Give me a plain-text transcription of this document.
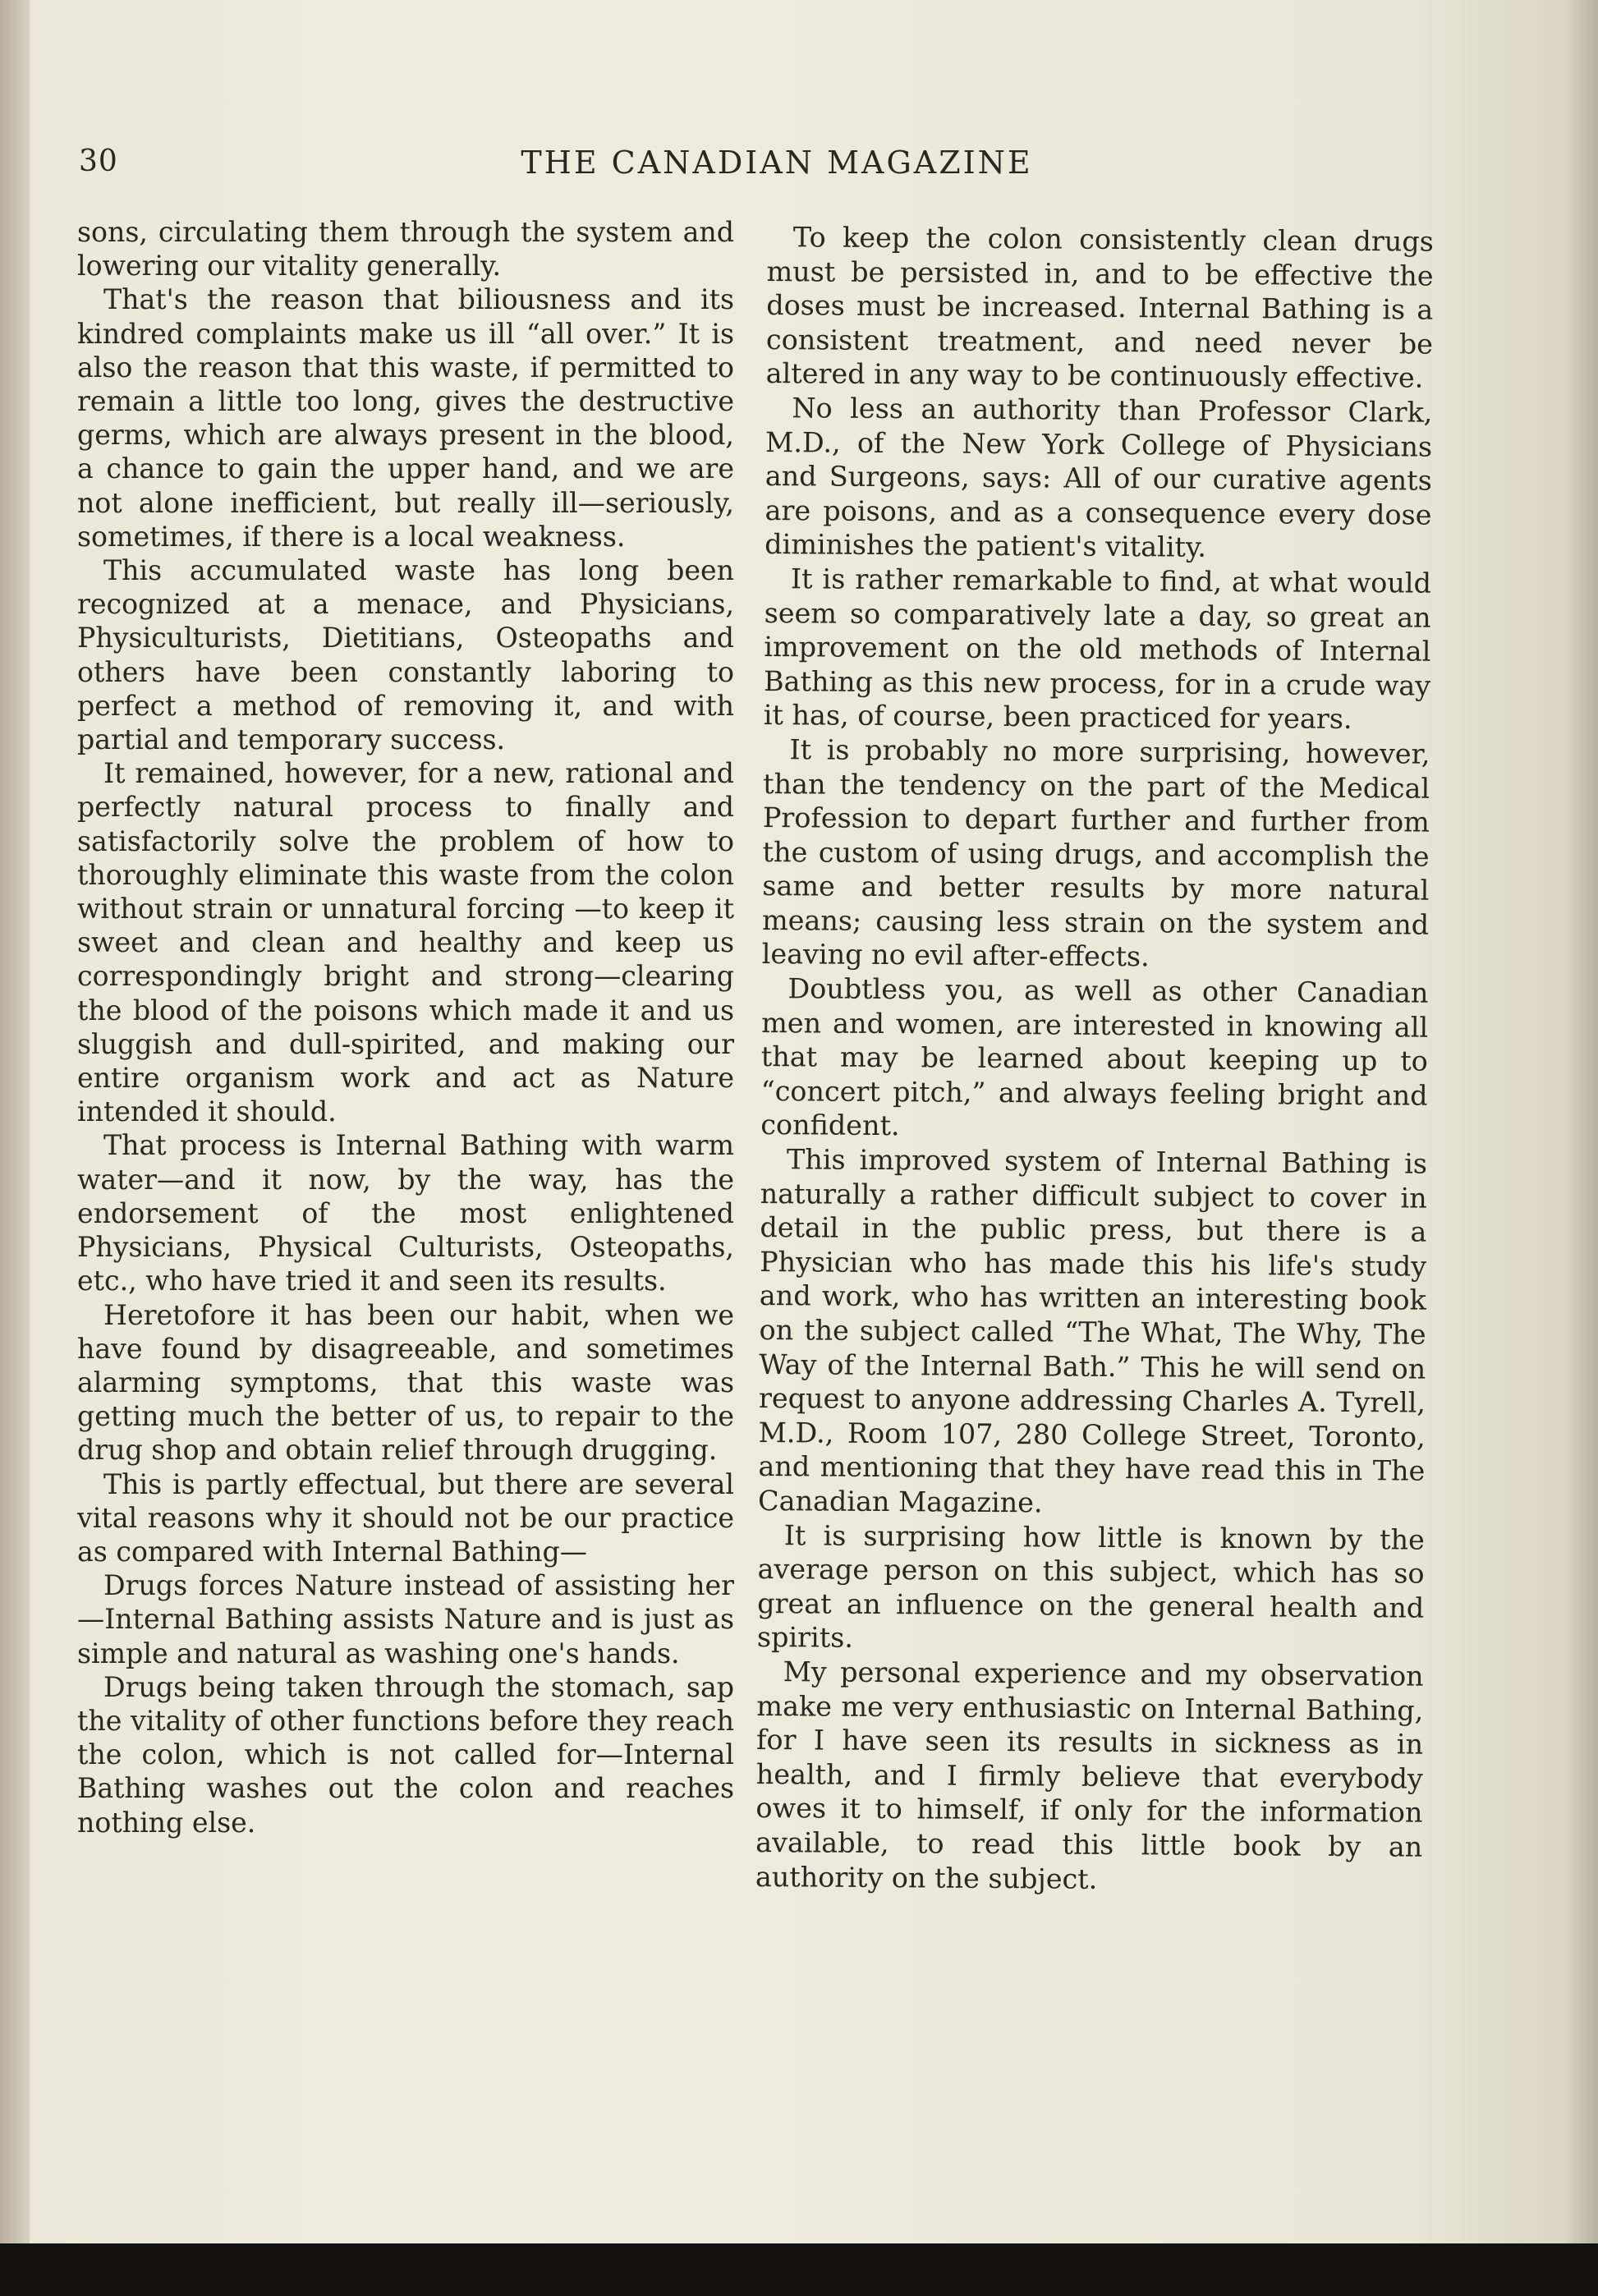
30	THE CANADIAN MAGAZINE

sons, circulating them through the system and lowering our vitality generally.

That's the reason that biliousness and its kindred complaints make us ill “all over.” It is also the reason that this waste, if permitted to remain a little too long, gives the destructive germs, which are always present in the blood, a chance to gain the upper hand, and we are not alone inefficient, but really ill—seriously, sometimes, if there is a local weakness.

This accumulated waste has long been recognized at a menace, and Physicians, Physiculturists, Dietitians, Osteopaths and others have been constantly laboring to perfect a method of removing it, and with partial and temporary success.

It remained, however, for a new, rational and perfectly natural process to finally and satisfactorily solve the problem of how to thoroughly eliminate this waste from the colon without strain or unnatural forcing —to keep it sweet and clean and healthy and keep us correspondingly bright and strong—clearing the blood of the poisons which made it and us sluggish and dull-spirited, and making our entire organism work and act as Nature intended it should.

That process is Internal Bathing with warm water—and it now, by the way, has the endorsement of the most enlightened Physicians, Physical Culturists, Osteopaths, etc., who have tried it and seen its results.

Heretofore it has been our habit, when we have found by disagreeable, and sometimes alarming symptoms, that this waste was getting much the better of us, to repair to the drug shop and obtain relief through drugging.

This is partly effectual, but there are several vital reasons why it should not be our practice as compared with Internal Bathing—

Drugs forces Nature instead of assisting her—Internal Bathing assists Nature and is just as simple and natural as washing one's hands.

Drugs being taken through the stomach, sap the vitality of other functions before they reach the colon, which is not called for—Internal Bathing washes out the colon and reaches nothing else.

To keep the colon consistently clean drugs must be persisted in, and to be effective the doses must be increased. Internal Bathing is a consistent treatment, and need never be altered in any way to be continuously effective.

No less an authority than Professor Clark, M.D., of the New York College of Physicians and Surgeons, says: All of our curative agents are poisons, and as a consequence every dose diminishes the patient's vitality.

It is rather remarkable to find, at what would seem so comparatively late a day, so great an improvement on the old methods of Internal Bathing as this new process, for in a crude way it has, of course, been practiced for years.

It is probably no more surprising, however, than the tendency on the part of the Medical Profession to depart further and further from the custom of using drugs, and accomplish the same and better results by more natural means; causing less strain on the system and leaving no evil after-effects.

Doubtless you, as well as other Canadian men and women, are interested in knowing all that may be learned about keeping up to “concert pitch,” and always feeling bright and confident.

This improved system of Internal Bathing is naturally a rather difficult subject to cover in detail in the public press, but there is a Physician who has made this his life's study and work, who has written an interesting book on the subject called “The What, The Why, The Way of the Internal Bath.” This he will send on request to anyone addressing Charles A. Tyrell, M.D., Room 107, 280 College Street, Toronto, and mentioning that they have read this in The Canadian Magazine.

It is surprising how little is known by the average person on this subject, which has so great an influence on the general health and spirits.

My personal experience and my observation make me very enthusiastic on Internal Bathing, for I have seen its results in sickness as in health, and I firmly believe that everybody owes it to himself, if only for the information available, to read this little book by an authority on the subject.
